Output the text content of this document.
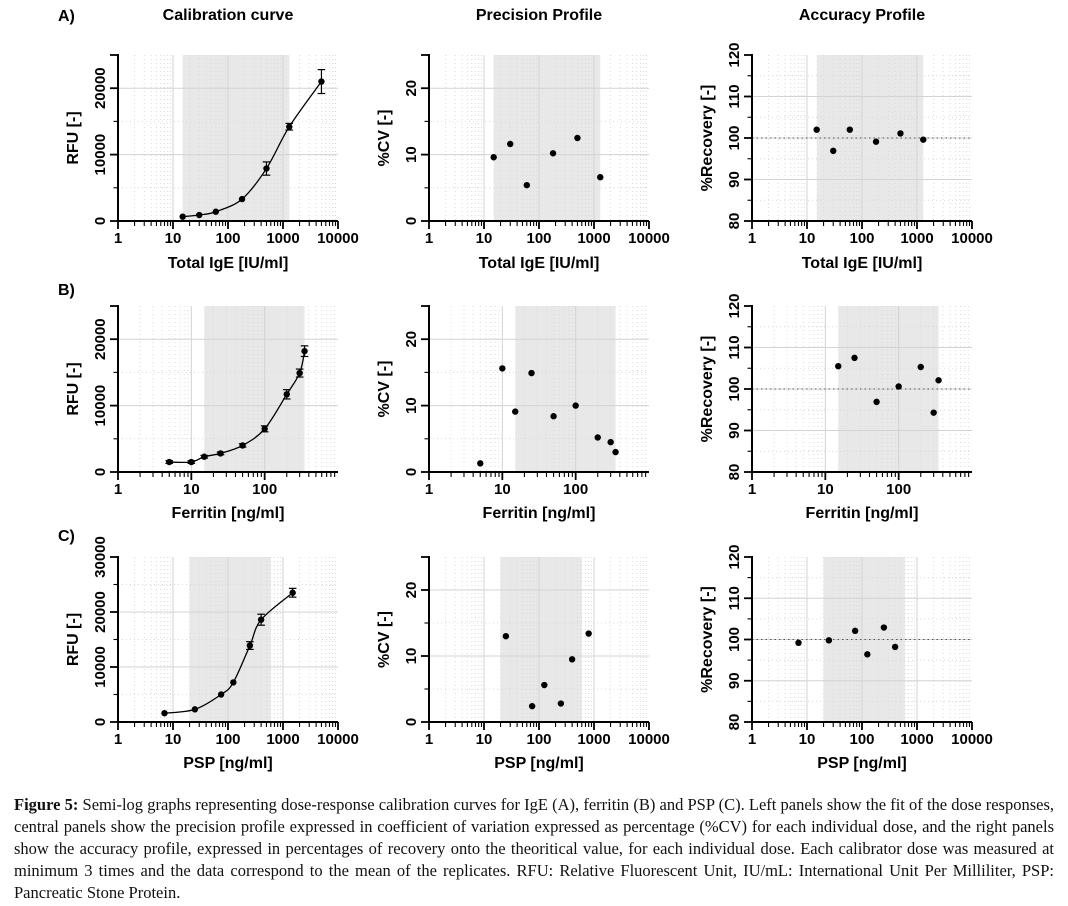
A)
B)
C)
1	10 100 1000 10000
0
10000
20000
Calibration curve
Total IgE [IU/ml]
RFU [-]
1	10 100 1000 10000
0
10
20
Precision Profile
Total IgE [IU/ml]
%CV [-]
1	10 100 1000 10000
80
90
100
110
120
Accuracy Profile
Total IgE [IU/ml]
%Recovery [-]
1	10	100
0
10000
20000
Ferritin [ng/ml]
RFU [-]
1	10	100
0
10
20
Ferritin [ng/ml]
%CV [-]
1	10	100
80
90
100
110
120
Ferritin [ng/ml]
%Recovery [-]
1	10 100 1000 10000
0
10000
20000
30000
PSP [ng/ml]
RFU [-]
1	10 100 1000 10000
0
10
20
PSP [ng/ml]
%CV [-]
1	10 100 1000 10000
80
90
100
110
120
PSP [ng/ml]
%Recovery [-]
Figure 5: Semi-log graphs representing dose-response calibration curves for IgE (A), ferritin (B) and PSP (C). Left panels show the fit of the dose responses, central panels show the precision profile expressed in coefficient of variation expressed as percentage (%CV) for each individual dose, and the right panels show the accuracy profile, expressed in percentages of recovery onto the theoritical value, for each individual dose. Each calibrator dose was measured at minimum 3 times and the data correspond to the mean of the replicates. RFU: Relative Fluorescent Unit, IU/mL: International Unit Per Milliliter, PSP: Pancreatic Stone Protein.
